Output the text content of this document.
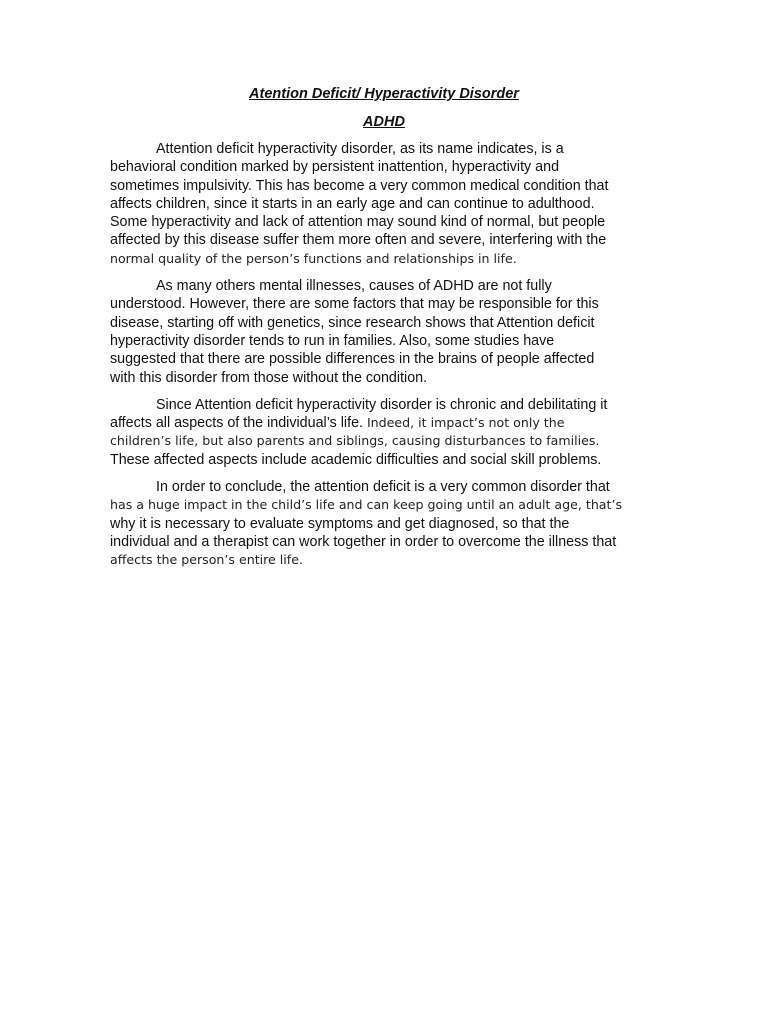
Atention Deficit/ Hyperactivity Disorder

ADHD

Attention deficit hyperactivity disorder, as its name indicates, is a
behavioral condition marked by persistent inattention, hyperactivity and
sometimes impulsivity. This has become a very common medical condition that
affects children, since it starts in an early age and can continue to adulthood.
Some hyperactivity and lack of attention may sound kind of normal, but people
affected by this disease suffer them more often and severe, interfering with the
normal quality of the person’s functions and relationships in life.
As many others mental illnesses, causes of ADHD are not fully
understood. However, there are some factors that may be responsible for this
disease, starting off with genetics, since research shows that Attention deficit
hyperactivity disorder tends to run in families. Also, some studies have
suggested that there are possible differences in the brains of people affected
with this disorder from those without the condition.
Since Attention deficit hyperactivity disorder is chronic and debilitating it
affects all aspects of the individual’s life. Indeed, it impact’s not only the
children’s life, but also parents and siblings, causing disturbances to families.
These affected aspects include academic difficulties and social skill problems.
In order to conclude, the attention deficit is a very common disorder that
has a huge impact in the child’s life and can keep going until an adult age, that’s
why it is necessary to evaluate symptoms and get diagnosed, so that the
individual and a therapist can work together in order to overcome the illness that
affects the person’s entire life.
